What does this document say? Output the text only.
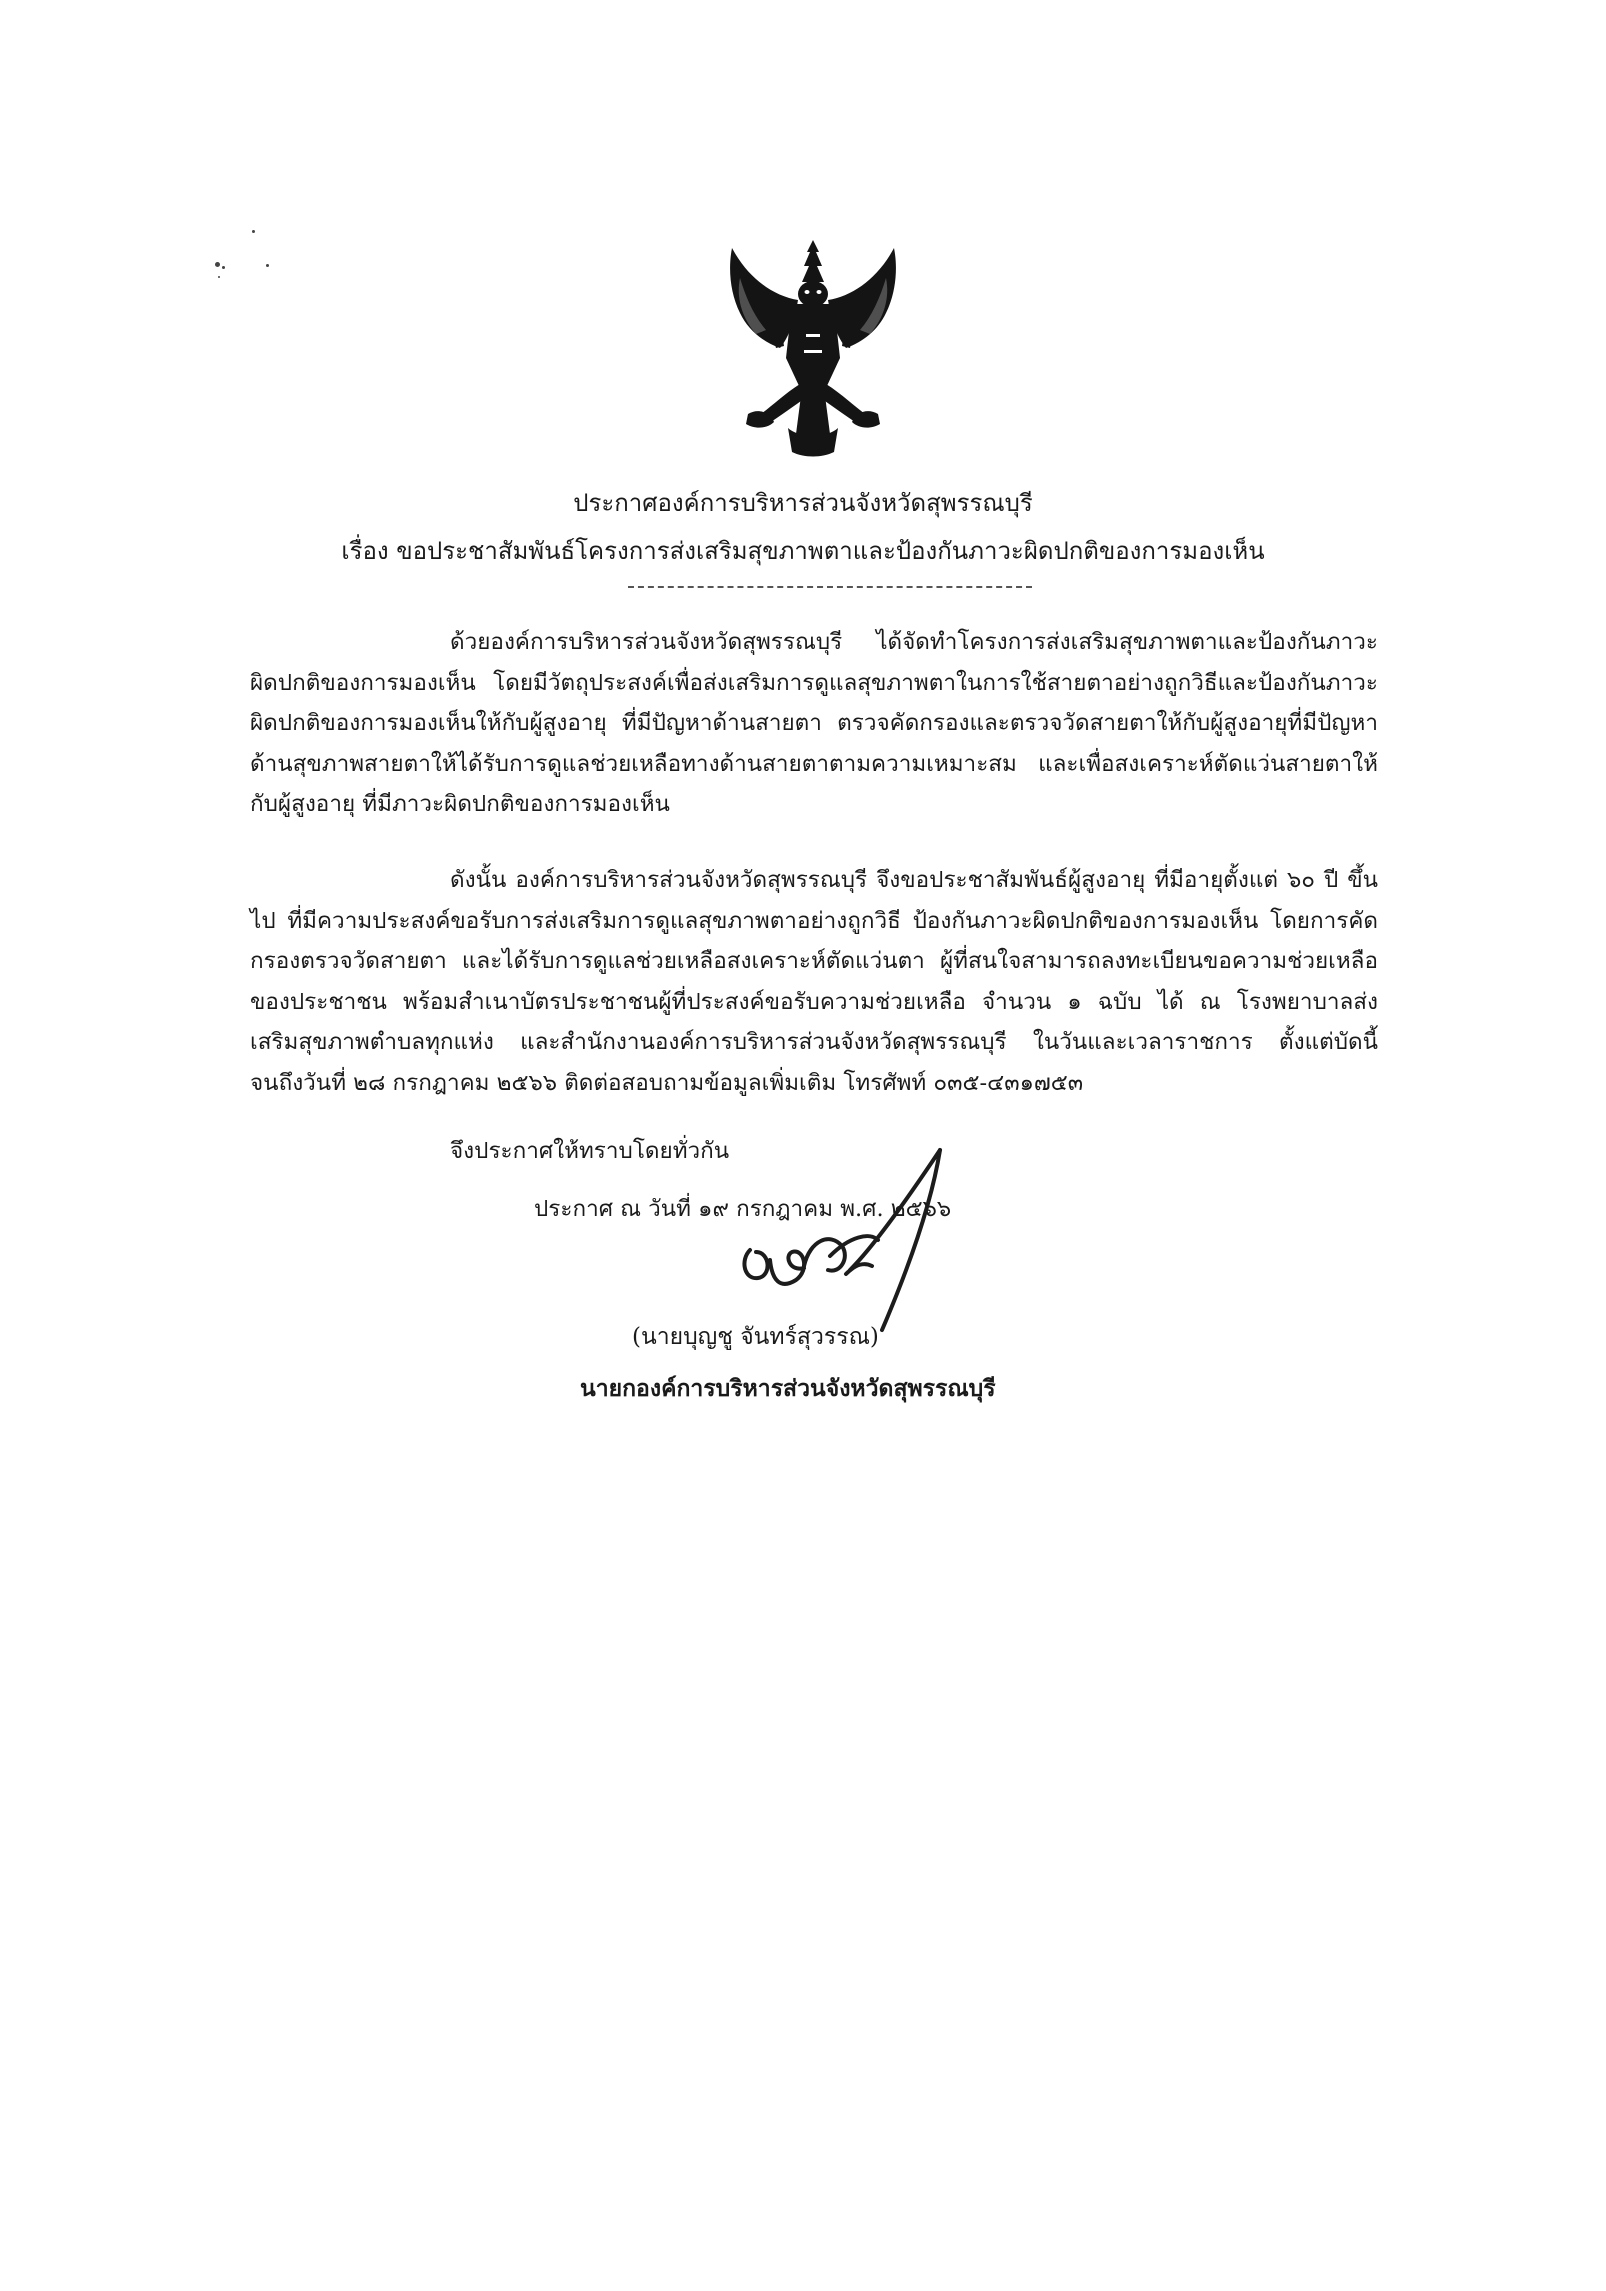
ประกาศองค์การบริหารส่วนจังหวัดสุพรรณบุรี
เรื่อง ขอประชาสัมพันธ์โครงการส่งเสริมสุขภาพตาและป้องกันภาวะผิดปกติของการมองเห็น

ด้วยองค์การบริหารส่วนจังหวัดสุพรรณบุรี ได้จัดทำโครงการส่งเสริมสุขภาพตาและป้องกันภาวะผิดปกติของการมองเห็น โดยมีวัตถุประสงค์เพื่อส่งเสริมการดูแลสุขภาพตาในการใช้สายตาอย่างถูกวิธีและป้องกันภาวะผิดปกติของการมองเห็นให้กับผู้สูงอายุ ที่มีปัญหาด้านสายตา ตรวจคัดกรองและตรวจวัดสายตาให้กับผู้สูงอายุที่มีปัญหาด้านสุขภาพสายตาให้ได้รับการดูแลช่วยเหลือทางด้านสายตาตามความเหมาะสม และเพื่อสงเคราะห์ตัดแว่นสายตาให้กับผู้สูงอายุ ที่มีภาวะผิดปกติของการมองเห็น

ดังนั้น องค์การบริหารส่วนจังหวัดสุพรรณบุรี จึงขอประชาสัมพันธ์ผู้สูงอายุ ที่มีอายุตั้งแต่ ๖๐ ปี ขึ้นไป ที่มีความประสงค์ขอรับการส่งเสริมการดูแลสุขภาพตาอย่างถูกวิธี ป้องกันภาวะผิดปกติของการมองเห็น โดยการคัดกรองตรวจวัดสายตา และได้รับการดูแลช่วยเหลือสงเคราะห์ตัดแว่นตา ผู้ที่สนใจสามารถลงทะเบียนขอความช่วยเหลือของประชาชน พร้อมสำเนาบัตรประชาชนผู้ที่ประสงค์ขอรับความช่วยเหลือ จำนวน ๑ ฉบับ ได้ ณ โรงพยาบาลส่งเสริมสุขภาพตำบลทุกแห่ง และสำนักงานองค์การบริหารส่วนจังหวัดสุพรรณบุรี ในวันและเวลาราชการ ตั้งแต่บัดนี้ จนถึงวันที่ ๒๘ กรกฎาคม ๒๕๖๖ ติดต่อสอบถามข้อมูลเพิ่มเติม โทรศัพท์ ๐๓๕-๔๓๑๗๕๓

จึงประกาศให้ทราบโดยทั่วกัน
ประกาศ ณ วันที่ ๑๙ กรกฎาคม พ.ศ. ๒๕๖๖
(นายบุญชู จันทร์สุวรรณ)
นายกองค์การบริหารส่วนจังหวัดสุพรรณบุรี
